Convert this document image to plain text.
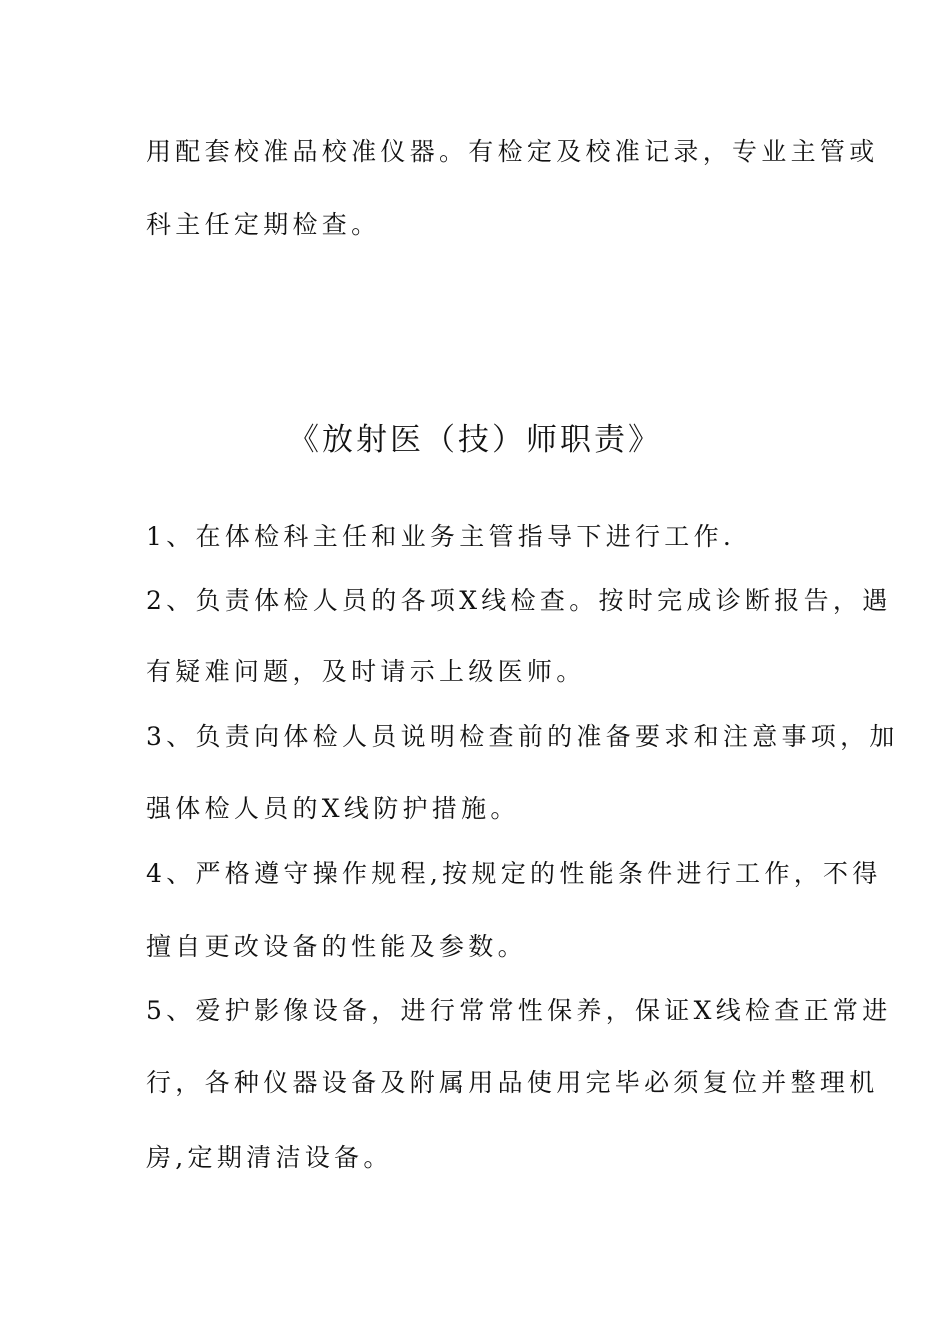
用配套校准品校准仪器。有检定及校准记录，专业主管或
科主任定期检查。
《放射医（技）师职责》
1、在体检科主任和业务主管指导下进行工作.
2、负责体检人员的各项X线检查。按时完成诊断报告，遇
有疑难问题，及时请示上级医师。
3、负责向体检人员说明检查前的准备要求和注意事项，加
强体检人员的X线防护措施。
4、严格遵守操作规程,按规定的性能条件进行工作，不得
擅自更改设备的性能及参数。
5、爱护影像设备，进行常常性保养，保证X线检查正常进
行，各种仪器设备及附属用品使用完毕必须复位并整理机
房,定期清洁设备。
